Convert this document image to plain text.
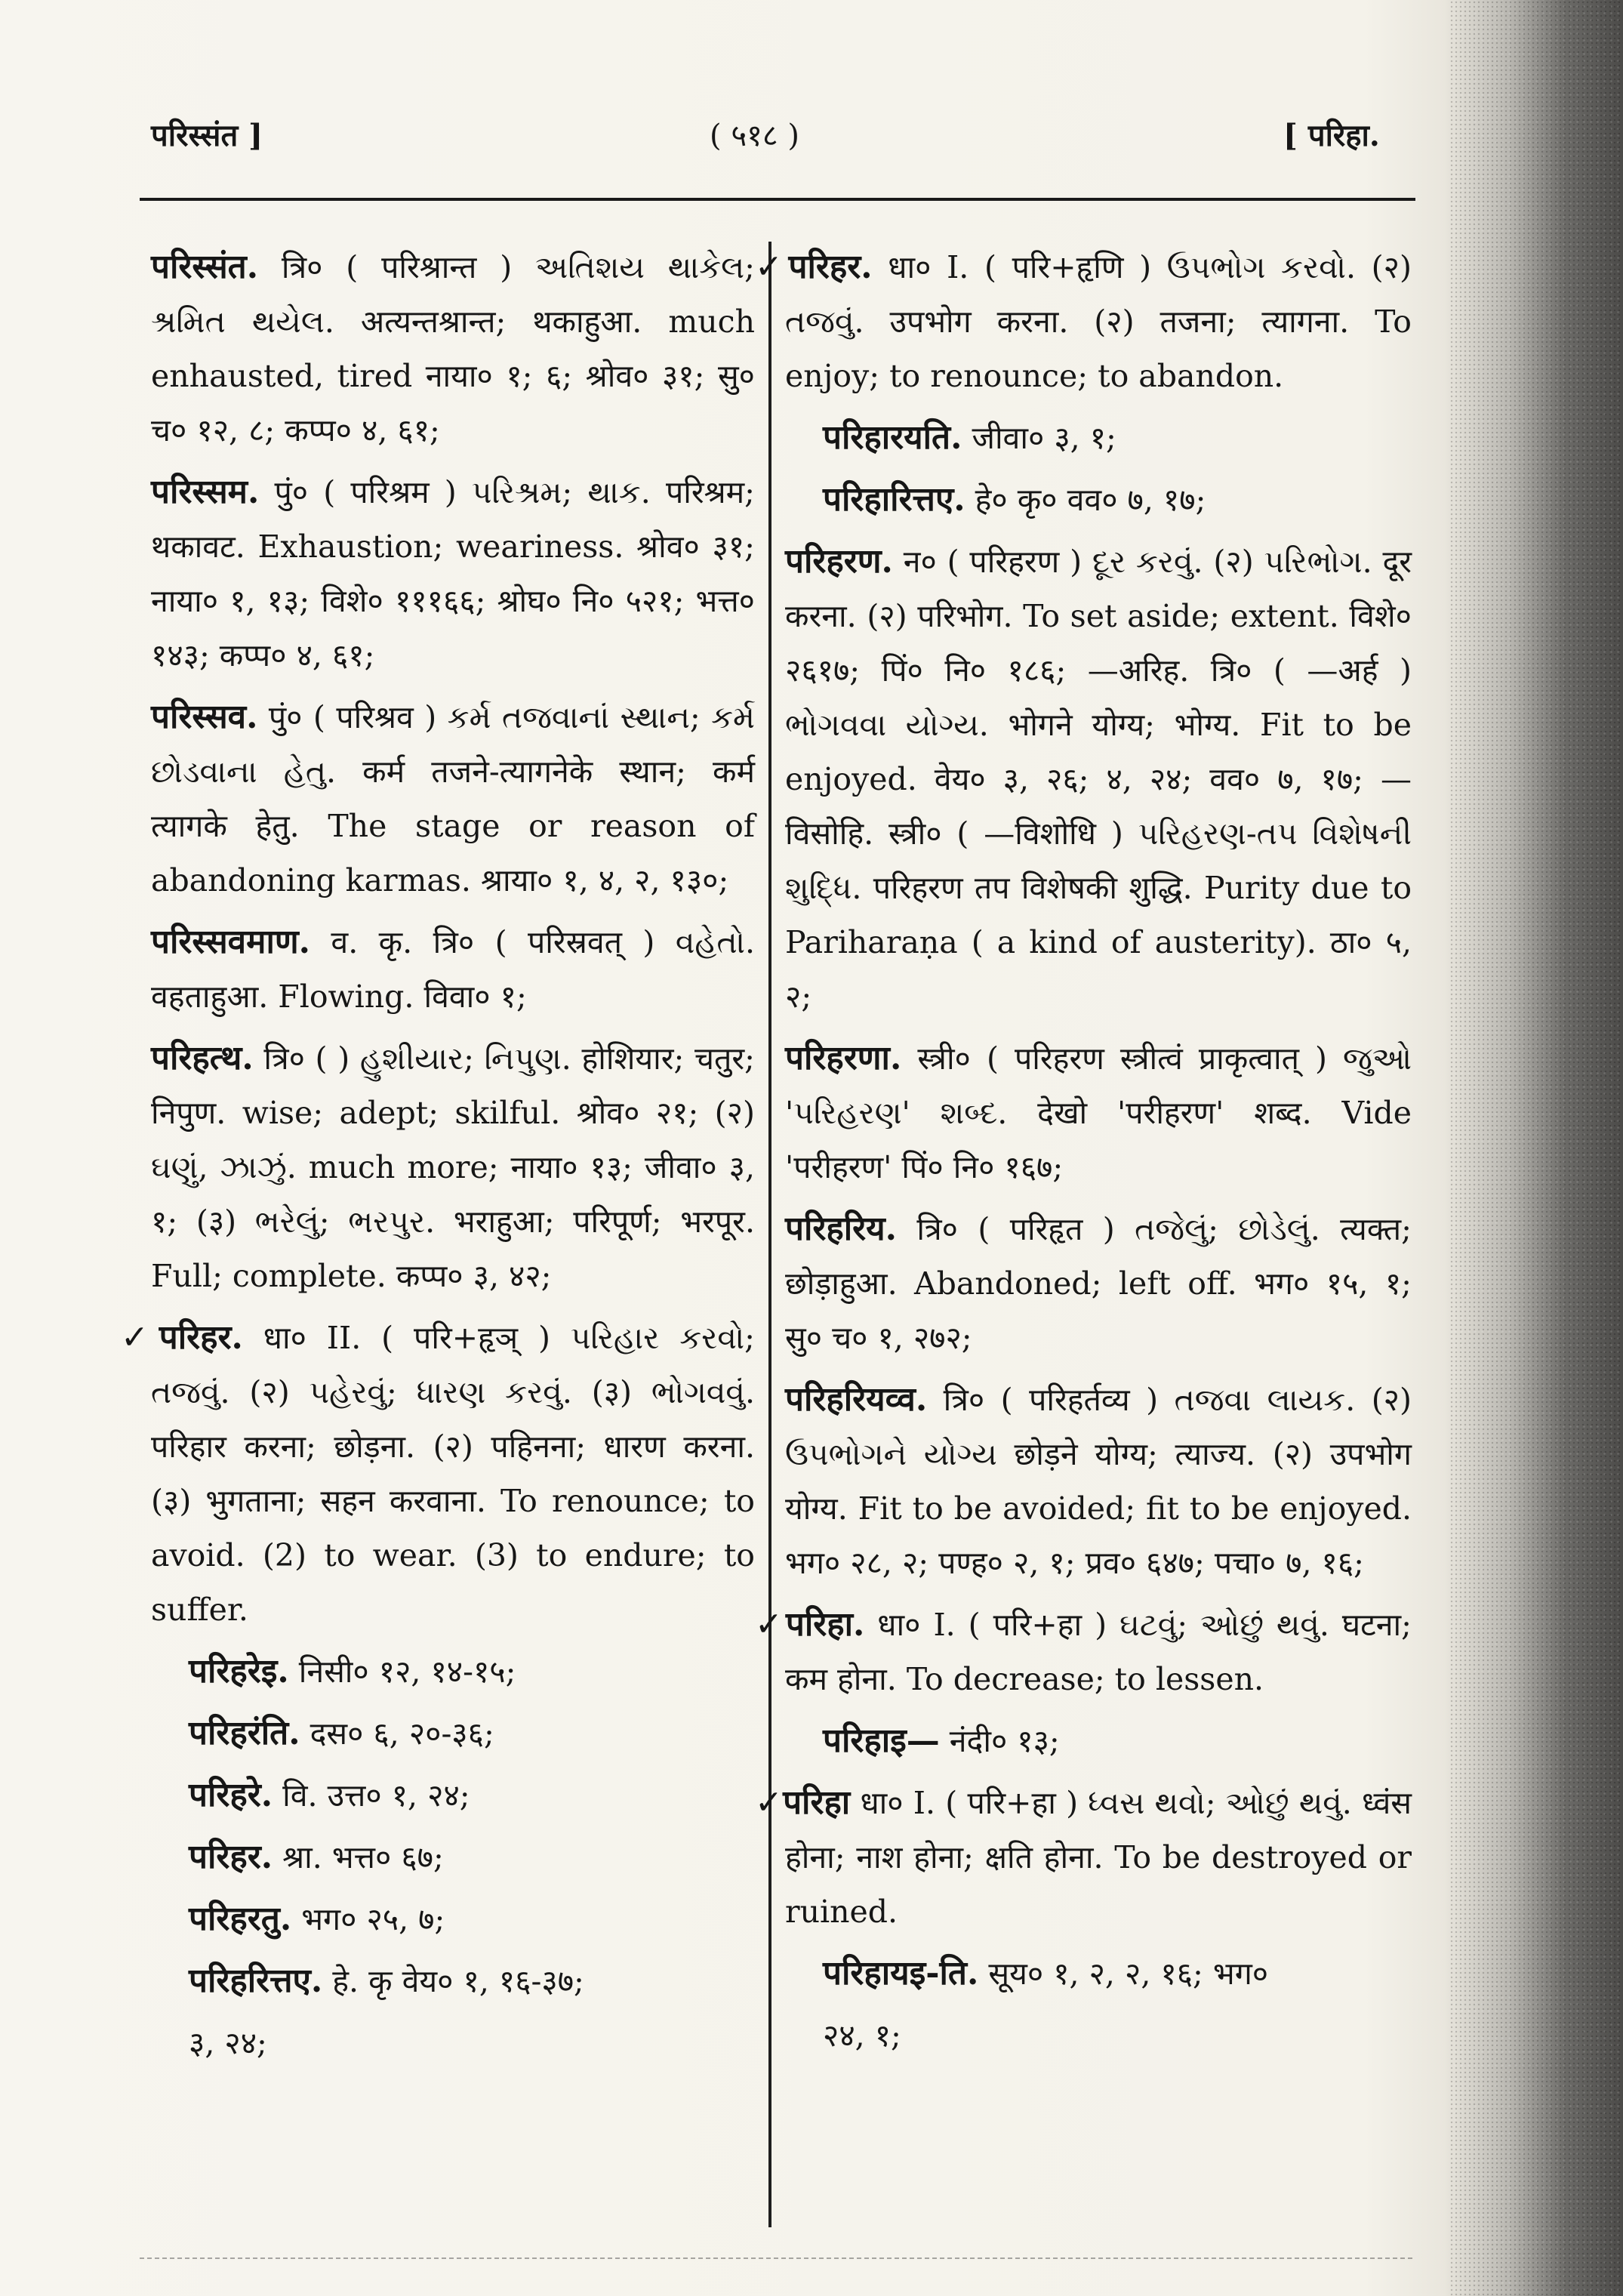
परिस्संत ]	( ५१८ )	[ परिहा.
परिस्संत. त्रि० ( परिश्रान्त ) અતિશય થાકેલ; શ્રમિત થયેલ. अत्यन्तश्रान्त; थकाहुआ. much enhausted, tired नाया० १; ६; श्रोव० ३१; सु० च० १२, ८; कप्प० ४, ६१;
परिस्सम. पुं० ( परिश्रम ) પરિશ્રમ; થાક. परिश्रम; थकावट. Exhaustion; weariness. श्रोव० ३१; नाया० १, १३; विशे० १११६६; श्रोघ० नि० ५२१; भत्त० १४३; कप्प० ४, ६१;
परिस्सव. पुं० ( परिश्रव ) કર્મ તજવાનાં સ્થાન; કર્મ છોડવાના હેતુ. कर्म तजने-त्यागनेके स्थान; कर्म त्यागके हेतु. The stage or reason of abandoning karmas. श्राया० १, ४, २, १३०;
परिस्सवमाण. व. कृ. त्रि० ( परिस्रवत् ) વહેતો. वहताहुआ. Flowing. विवा० १;
परिहत्थ. त्रि० ( ) હુશીયાર; નિપુણ. होशियार; चतुर; निपुण. wise; adept; skilful. श्रोव० २१; (२) ઘણું, ઝાઝું. much more; नाया० १३; जीवा० ३, १; (३) ભરેલું; ભરપુર. भराहुआ; परिपूर्ण; भरपूर. Full; complete. कप्प० ३, ४२;
✓परिहर. धा० II. ( परि+हृञ् ) પરિહાર કરવો; તજવું. (२) પહેરવું; ધારણ કરવું. (३) ભોગવવું. परिहार करना; छोड़ना. (२) पहिनना; धारण करना. (३) भुगताना; सहन करवाना. To renounce; to avoid. (2) to wear. (3) to endure; to suffer.
परिहरेइ. निसी० १२, १४-१५;
परिहरंति. दस० ६, २०-३६;
परिहरे. वि. उत्त० १, २४;
परिहर. श्रा. भत्त० ६७;
परिहरतु. भग० २५, ७;
परिहरित्तए. हे. कृ वेय० १, १६-३७;
३, २४;
✓परिहर. धा० I. ( परि+हृणि ) ઉપભોગ કરવો. (२) તજવું. उपभोग करना. (२) तजना; त्यागना. To enjoy; to renounce; to abandon.
परिहारयति. जीवा० ३, १;
परिहारित्तए. हे० कृ० वव० ७, १७;
परिहरण. न० ( परिहरण ) દૂર કરવું. (२) પરિભોગ. दूर करना. (२) परिभोग. To set aside; extent. विशे० २६१७; पिं० नि० १८६; —अरिह. त्रि० ( —अर्ह ) ભોગવવા યોગ્ય. भोगने योग्य; भोग्य. Fit to be enjoyed. वेय० ३, २६; ४, २४; वव० ७, १७; —विसोहि. स्त्री० ( —विशोधि ) પરિહરણ-તપ વિશેષની શુદ્ધિ. परिहरण तप विशेषकी शुद्धि. Purity due to Pariharaṇa ( a kind of austerity). ठा० ५, २;
परिहरणा. स्त्री० ( परिहरण स्त्रीत्वं प्राकृत्वात् ) જુઓ 'પરિહરણ' શબ્દ. देखो 'परीहरण' शब्द. Vide 'परीहरण' पिं० नि० १६७;
परिहरिय. त्रि० ( परिहृत ) તજેલું; છોડેલું. त्यक्त; छोड़ाहुआ. Abandoned; left off. भग० १५, १; सु० च० १, २७२;
परिहरियव्व. त्रि० ( परिहर्तव्य ) તજવા લાયક. (२) ઉપભોગને યોગ્ય छोड़ने योग्य; त्याज्य. (२) उपभोग योग्य. Fit to be avoided; fit to be enjoyed. भग० २८, २; पण्ह० २, १; प्रव० ६४७; पचा० ७, १६;
✓परिहा. धा० I. ( परि+हा ) ઘટવું; ઓછું થવું. घटना; कम होना. To decrease; to lessen.
परिहाइ— नंदी० १३;
✓परिहा धा० I. ( परि+हा ) ધ્વસ થવો; ઓછું થવું. ध्वंस होना; नाश होना; क्षति होना. To be destroyed or ruined.
परिहायइ-ति. सूय० १, २, २, १६; भग०
२४, १;
